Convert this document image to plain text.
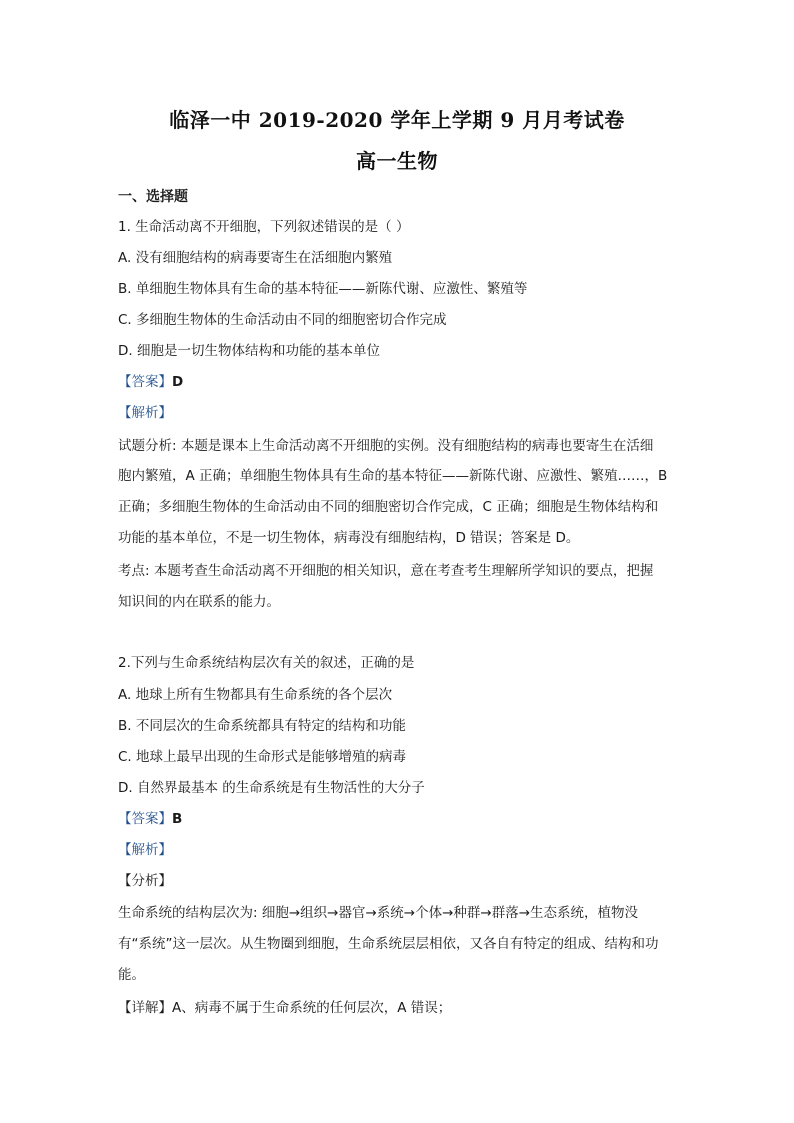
临泽一中 2019-2020 学年上学期 9 月月考试卷
高一生物
一、选择题
1. 生命活动离不开细胞，下列叙述错误的是（ ）
A. 没有细胞结构的病毒要寄生在活细胞内繁殖
B. 单细胞生物体具有生命的基本特征——新陈代谢、应激性、繁殖等
C. 多细胞生物体的生命活动由不同的细胞密切合作完成
D. 细胞是一切生物体结构和功能的基本单位
【答案】D
【解析】
试题分析: 本题是课本上生命活动离不开细胞的实例。没有细胞结构的病毒也要寄生在活细
胞内繁殖，A 正确；单细胞生物体具有生命的基本特征——新陈代谢、应激性、繁殖……，B
正确；多细胞生物体的生命活动由不同的细胞密切合作完成，C 正确；细胞是生物体结构和
功能的基本单位，不是一切生物体，病毒没有细胞结构，D 错误；答案是 D。
考点: 本题考查生命活动离不开细胞的相关知识，意在考查考生理解所学知识的要点，把握
知识间的内在联系的能力。
2.下列与生命系统结构层次有关的叙述，正确的是
A. 地球上所有生物都具有生命系统的各个层次
B. 不同层次的生命系统都具有特定的结构和功能
C. 地球上最早出现的生命形式是能够增殖的病毒
D. 自然界最基本 的生命系统是有生物活性的大分子
【答案】B
【解析】
【分析】
生命系统的结构层次为: 细胞→组织→器官→系统→个体→种群→群落→生态系统，植物没
有“系统”这一层次。从生物圈到细胞，生命系统层层相依，又各自有特定的组成、结构和功
能。
【详解】A、病毒不属于生命系统的任何层次，A 错误；
